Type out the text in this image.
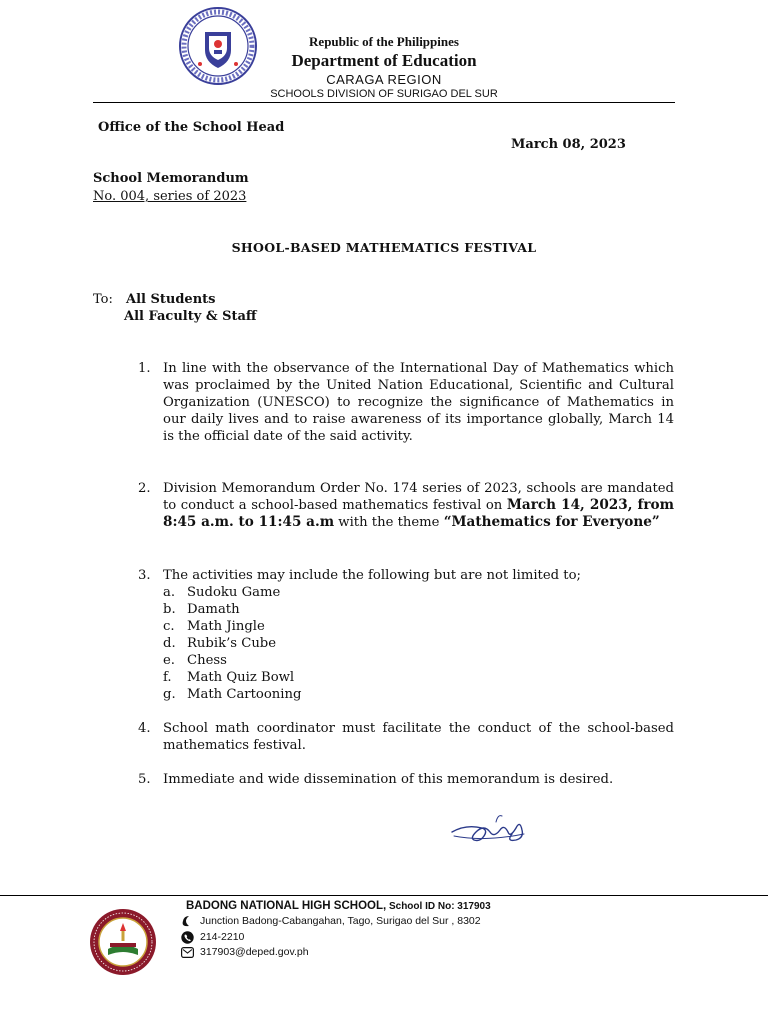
Republic of the Philippines
Department of Education
CARAGA REGION
SCHOOLS DIVISION OF SURIGAO DEL SUR
Office of the School Head
March 08, 2023
School Memorandum
No. 004, series of 2023
SHOOL-BASED MATHEMATICS FESTIVAL
To: All Students
All Faculty & Staff
1. In line with the observance of the International Day of Mathematics which was proclaimed by the United Nation Educational, Scientific and Cultural Organization (UNESCO) to recognize the significance of Mathematics in our daily lives and to raise awareness of its importance globally, March 14 is the official date of the said activity.
2. Division Memorandum Order No. 174 series of 2023, schools are mandated to conduct a school-based mathematics festival on March 14, 2023, from 8:45 a.m. to 11:45 a.m with the theme “Mathematics for Everyone”
3. The activities may include the following but are not limited to;
a. Sudoku Game
b. Damath
c. Math Jingle
d. Rubik’s Cube
e. Chess
f. Math Quiz Bowl
g. Math Cartooning
4. School math coordinator must facilitate the conduct of the school-based mathematics festival.
5. Immediate and wide dissemination of this memorandum is desired.
BADONG NATIONAL HIGH SCHOOL, School ID No: 317903
Junction Badong-Cabangahan, Tago, Surigao del Sur , 8302
214-2210
317903@deped.gov.ph
